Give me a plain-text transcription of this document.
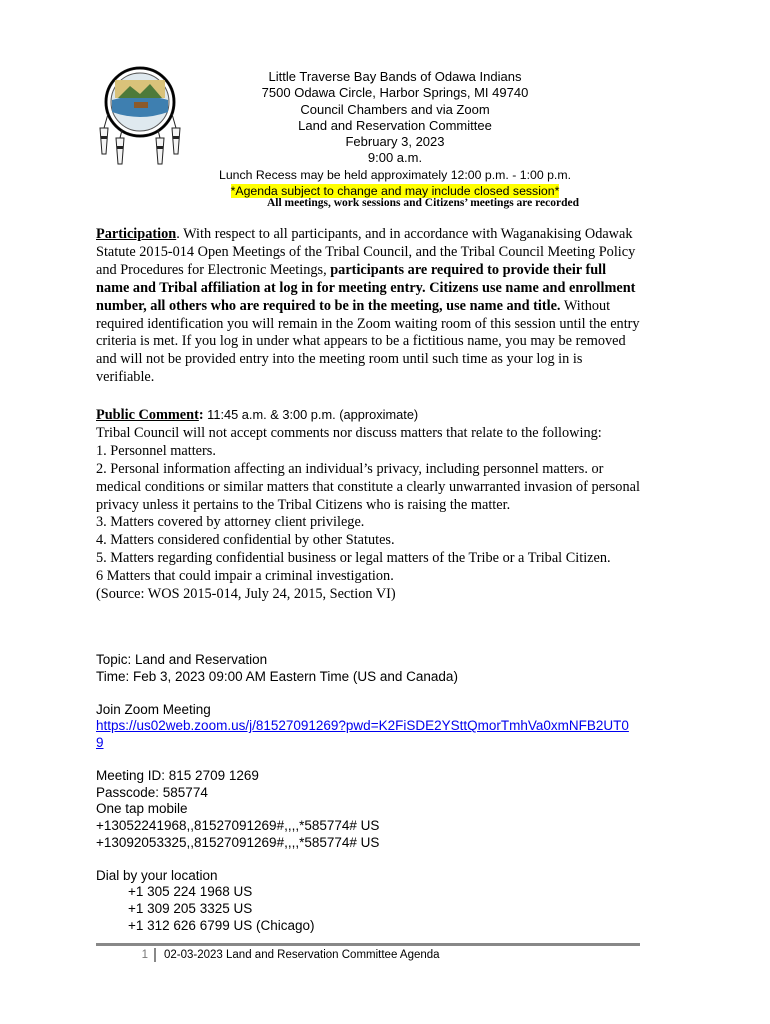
Little Traverse Bay Bands of Odawa Indians
7500 Odawa Circle, Harbor Springs, MI 49740
Council Chambers and via Zoom
Land and Reservation Committee
February 3, 2023
9:00 a.m.
Lunch Recess may be held approximately 12:00 p.m. - 1:00 p.m.
*Agenda subject to change and may include closed session*
All meetings, work sessions and Citizens’ meetings are recorded
Participation. With respect to all participants, and in accordance with Waganakising Odawak Statute 2015-014 Open Meetings of the Tribal Council, and the Tribal Council Meeting Policy and Procedures for Electronic Meetings, participants are required to provide their full name and Tribal affiliation at log in for meeting entry. Citizens use name and enrollment number, all others who are required to be in the meeting, use name and title. Without required identification you will remain in the Zoom waiting room of this session until the entry criteria is met. If you log in under what appears to be a fictitious name, you may be removed and will not be provided entry into the meeting room until such time as your log in is verifiable.
Public Comment: 11:45 a.m. & 3:00 p.m. (approximate)
Tribal Council will not accept comments nor discuss matters that relate to the following:
1. Personnel matters.
2. Personal information affecting an individual’s privacy, including personnel matters. or medical conditions or similar matters that constitute a clearly unwarranted invasion of personal privacy unless it pertains to the Tribal Citizens who is raising the matter.
3. Matters covered by attorney client privilege.
4. Matters considered confidential by other Statutes.
5. Matters regarding confidential business or legal matters of the Tribe or a Tribal Citizen.
6 Matters that could impair a criminal investigation.
(Source: WOS 2015-014, July 24, 2015, Section VI)
Topic: Land and Reservation
Time: Feb 3, 2023 09:00 AM Eastern Time (US and Canada)
Join Zoom Meeting
https://us02web.zoom.us/j/81527091269?pwd=K2FiSDE2YSttQmorTmhVa0xmNFB2UT09
Meeting ID: 815 2709 1269
Passcode: 585774
One tap mobile
+13052241968,,81527091269#,,,,*585774# US
+13092053325,,81527091269#,,,,*585774# US
Dial by your location
+1 305 224 1968 US
+1 309 205 3325 US
+1 312 626 6799 US (Chicago)
1 02-03-2023 Land and Reservation Committee Agenda
